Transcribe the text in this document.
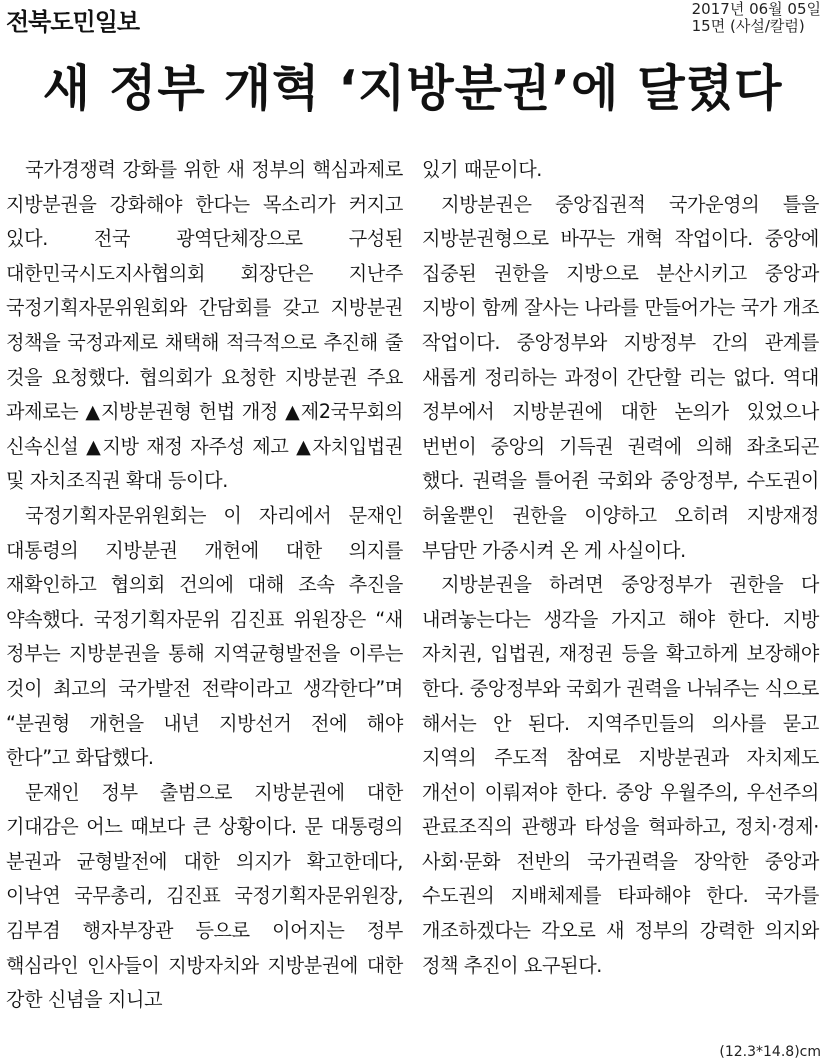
전북도민일보	2017년 06월 05일
15면 (사설/칼럼)
새 정부 개혁 ‘지방분권’에 달렸다

국가경쟁력 강화를 위한 새 정부의 핵심과제로 지방분권을 강화해야 한다는 목소리가 커지고 있다. 전국 광역단체장으로 구성된 대한민국시도지사협의회 회장단은 지난주 국정기획자문위원회와 간담회를 갖고 지방분권 정책을 국정과제로 채택해 적극적으로 추진해 줄 것을 요청했다. 협의회가 요청한 지방분권 주요 과제로는 ▲지방분권형 헌법 개정 ▲제2국무회의 신속신설 ▲지방 재정 자주성 제고 ▲자치입법권 및 자치조직권 확대 등이다.

국정기획자문위원회는 이 자리에서 문재인 대통령의 지방분권 개헌에 대한 의지를 재확인하고 협의회 건의에 대해 조속 추진을 약속했다. 국정기획자문위 김진표 위원장은 “새 정부는 지방분권을 통해 지역균형발전을 이루는 것이 최고의 국가발전 전략이라고 생각한다”며 “분권형 개헌을 내년 지방선거 전에 해야 한다”고 화답했다.

문재인 정부 출범으로 지방분권에 대한 기대감은 어느 때보다 큰 상황이다. 문 대통령의 분권과 균형발전에 대한 의지가 확고한데다, 이낙연 국무총리, 김진표 국정기획자문위원장, 김부겸 행자부장관 등으로 이어지는 정부 핵심라인 인사들이 지방자치와 지방분권에 대한 강한 신념을 지니고

있기 때문이다.

지방분권은 중앙집권적 국가운영의 틀을 지방분권형으로 바꾸는 개혁 작업이다. 중앙에 집중된 권한을 지방으로 분산시키고 중앙과 지방이 함께 잘사는 나라를 만들어가는 국가 개조 작업이다. 중앙정부와 지방정부 간의 관계를 새롭게 정리하는 과정이 간단할 리는 없다. 역대 정부에서 지방분권에 대한 논의가 있었으나 번번이 중앙의 기득권 권력에 의해 좌초되곤 했다. 권력을 틀어쥔 국회와 중앙정부, 수도권이 허울뿐인 권한을 이양하고 오히려 지방재정 부담만 가중시켜 온 게 사실이다.

지방분권을 하려면 중앙정부가 권한을 다 내려놓는다는 생각을 가지고 해야 한다. 지방 자치권, 입법권, 재정권 등을 확고하게 보장해야 한다. 중앙정부와 국회가 권력을 나눠주는 식으로 해서는 안 된다. 지역주민들의 의사를 묻고 지역의 주도적 참여로 지방분권과 자치제도 개선이 이뤄져야 한다. 중앙 우월주의, 우선주의 관료조직의 관행과 타성을 혁파하고, 정치·경제·사회·문화 전반의 국가권력을 장악한 중앙과 수도권의 지배체제를 타파해야 한다. 국가를 개조하겠다는 각오로 새 정부의 강력한 의지와 정책 추진이 요구된다.

(12.3*14.8)cm
